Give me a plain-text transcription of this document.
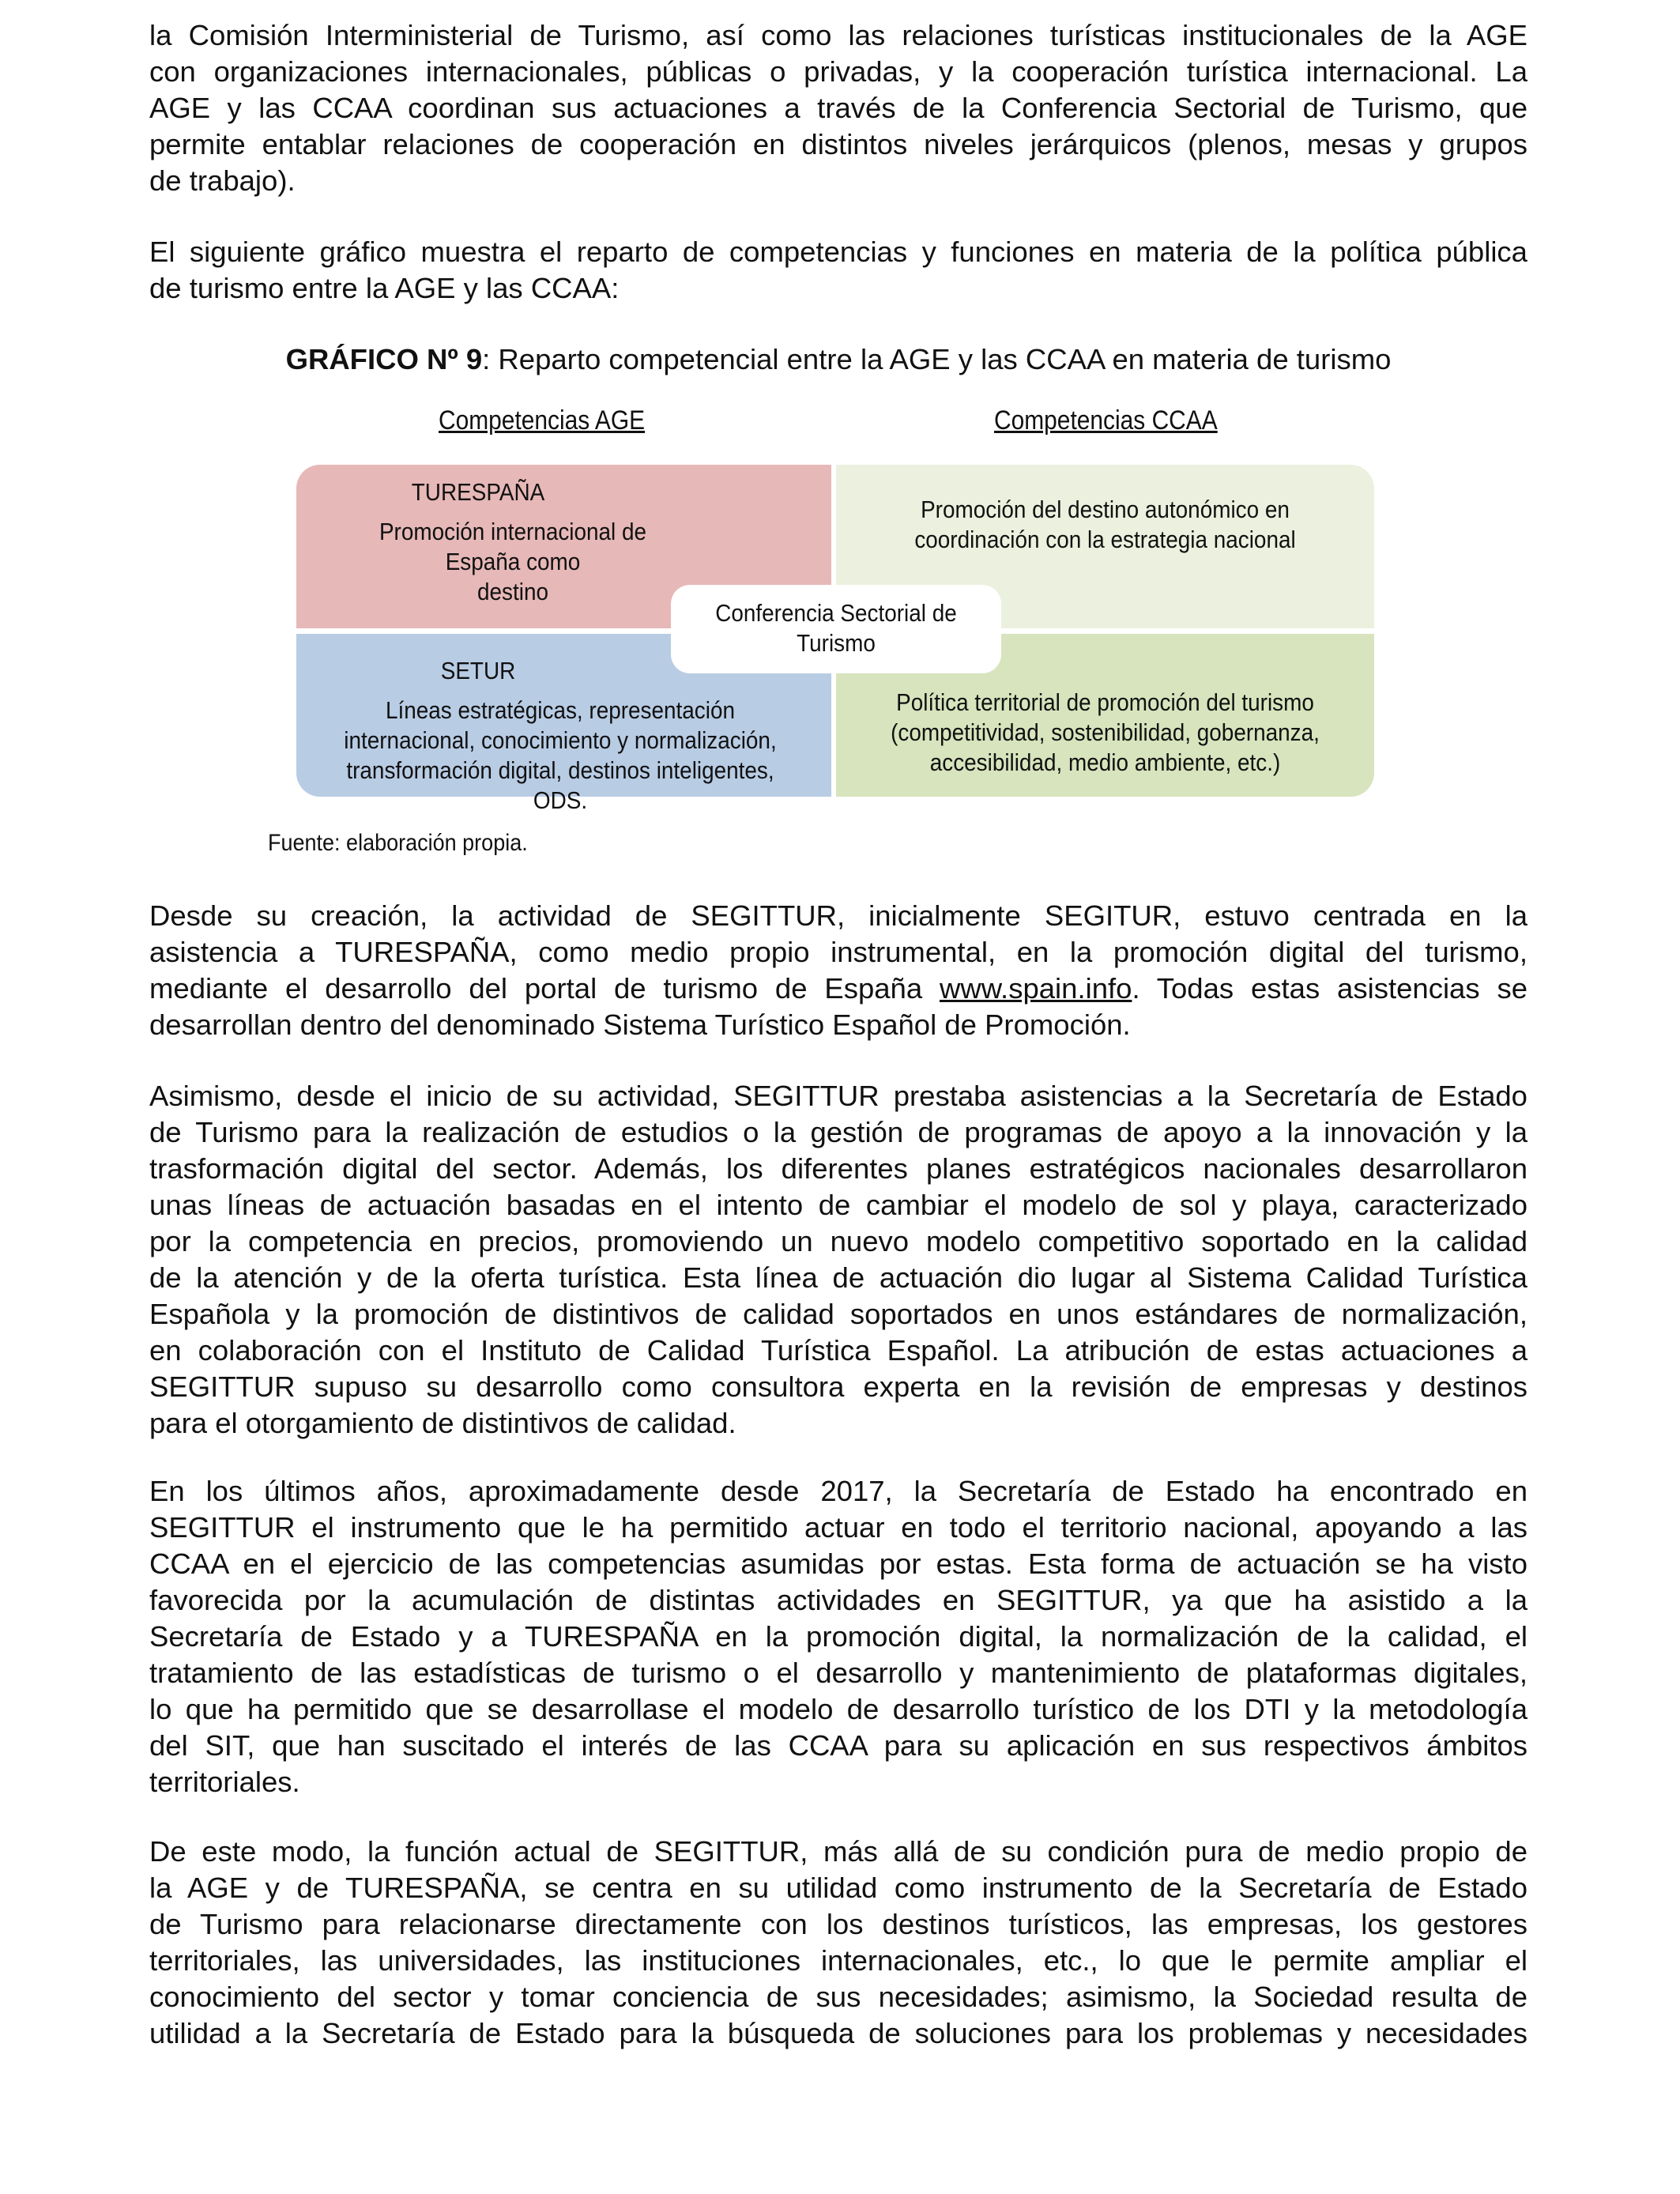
la Comisión Interministerial de Turismo, así como las relaciones turísticas institucionales de la AGE
con organizaciones internacionales, públicas o privadas, y la cooperación turística internacional. La
AGE y las CCAA coordinan sus actuaciones a través de la Conferencia Sectorial de Turismo, que
permite entablar relaciones de cooperación en distintos niveles jerárquicos (plenos, mesas y grupos
de trabajo).

El siguiente gráfico muestra el reparto de competencias y funciones en materia de la política pública
de turismo entre la AGE y las CCAA:

GRÁFICO Nº 9: Reparto competencial entre la AGE y las CCAA en materia de turismo

Competencias AGE	Competencias CCAA
TURESPAÑA
Promoción internacional de España como
destino
Promoción del destino autonómico en
coordinación con la estrategia nacional
SETUR
Líneas estratégicas, representación
internacional, conocimiento y normalización,
transformación digital, destinos inteligentes,
ODS.
Política territorial de promoción del turismo
(competitividad, sostenibilidad, gobernanza,
accesibilidad, medio ambiente, etc.)
Conferencia Sectorial de
Turismo
Fuente: elaboración propia.

Desde su creación, la actividad de SEGITTUR, inicialmente SEGITUR, estuvo centrada en la
asistencia a TURESPAÑA, como medio propio instrumental, en la promoción digital del turismo,
mediante el desarrollo del portal de turismo de España www.spain.info. Todas estas asistencias se
desarrollan dentro del denominado Sistema Turístico Español de Promoción.

Asimismo, desde el inicio de su actividad, SEGITTUR prestaba asistencias a la Secretaría de Estado
de Turismo para la realización de estudios o la gestión de programas de apoyo a la innovación y la
trasformación digital del sector. Además, los diferentes planes estratégicos nacionales desarrollaron
unas líneas de actuación basadas en el intento de cambiar el modelo de sol y playa, caracterizado
por la competencia en precios, promoviendo un nuevo modelo competitivo soportado en la calidad
de la atención y de la oferta turística. Esta línea de actuación dio lugar al Sistema Calidad Turística
Española y la promoción de distintivos de calidad soportados en unos estándares de normalización,
en colaboración con el Instituto de Calidad Turística Español. La atribución de estas actuaciones a
SEGITTUR supuso su desarrollo como consultora experta en la revisión de empresas y destinos
para el otorgamiento de distintivos de calidad.

En los últimos años, aproximadamente desde 2017, la Secretaría de Estado ha encontrado en
SEGITTUR el instrumento que le ha permitido actuar en todo el territorio nacional, apoyando a las
CCAA en el ejercicio de las competencias asumidas por estas. Esta forma de actuación se ha visto
favorecida por la acumulación de distintas actividades en SEGITTUR, ya que ha asistido a la
Secretaría de Estado y a TURESPAÑA en la promoción digital, la normalización de la calidad, el
tratamiento de las estadísticas de turismo o el desarrollo y mantenimiento de plataformas digitales,
lo que ha permitido que se desarrollase el modelo de desarrollo turístico de los DTI y la metodología
del SIT, que han suscitado el interés de las CCAA para su aplicación en sus respectivos ámbitos
territoriales.

De este modo, la función actual de SEGITTUR, más allá de su condición pura de medio propio de
la AGE y de TURESPAÑA, se centra en su utilidad como instrumento de la Secretaría de Estado
de Turismo para relacionarse directamente con los destinos turísticos, las empresas, los gestores
territoriales, las universidades, las instituciones internacionales, etc., lo que le permite ampliar el
conocimiento del sector y tomar conciencia de sus necesidades; asimismo, la Sociedad resulta de
utilidad a la Secretaría de Estado para la búsqueda de soluciones para los problemas y necesidades
